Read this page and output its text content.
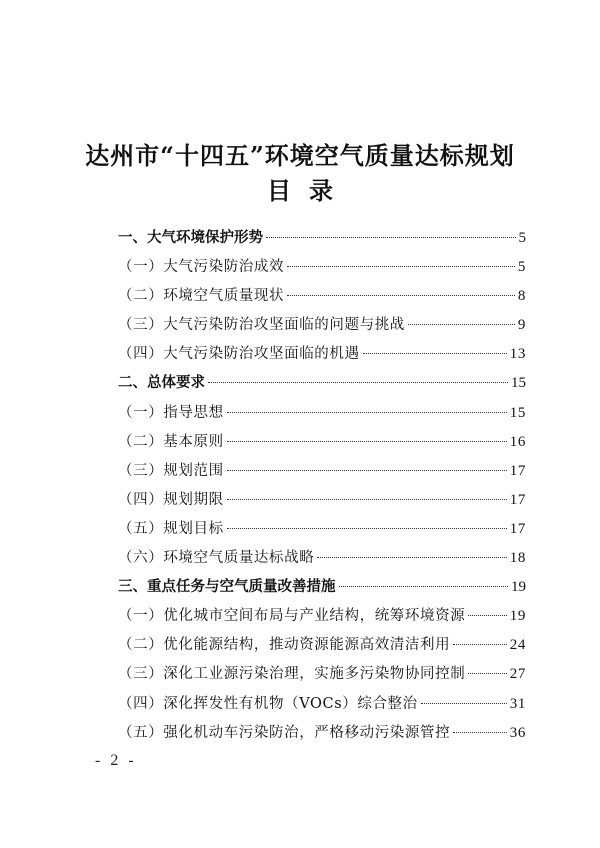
达州市“十四五”环境空气质量达标规划
目录
一、大气环境保护形势	5
（一）大气污染防治成效	5
（二）环境空气质量现状	8
（三）大气污染防治攻坚面临的问题与挑战	9
（四）大气污染防治攻坚面临的机遇	13
二、总体要求	15
（一）指导思想	15
（二）基本原则	16
（三）规划范围	17
（四）规划期限	17
（五）规划目标	17
（六）环境空气质量达标战略	18
三、重点任务与空气质量改善措施	19
（一）优化城市空间布局与产业结构，统筹环境资源	19
（二）优化能源结构，推动资源能源高效清洁利用	24
（三）深化工业源污染治理，实施多污染物协同控制	27
（四）深化挥发性有机物（VOCs）综合整治	31
（五）强化机动车污染防治，严格移动污染源管控	36
- 2 -
